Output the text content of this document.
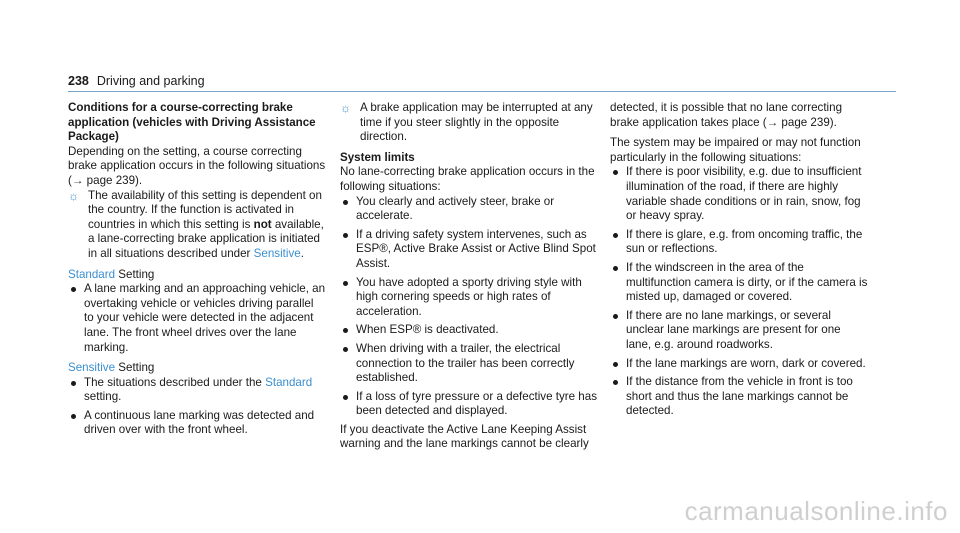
238 Driving and parking

Conditions for a course-correcting brake application (vehicles with Driving Assistance Package)

Depending on the setting, a course correcting brake application occurs in the following situations (→ page 239).

☼ The availability of this setting is dependent on the country. If the function is activated in countries in which this setting is not available, a lane-correcting brake application is initiated in all situations described under Sensitive.

Standard Setting

A lane marking and an approaching vehicle, an overtaking vehicle or vehicles driving parallel to your vehicle were detected in the adjacent lane. The front wheel drives over the lane marking.

Sensitive Setting

The situations described under the Standard setting.
A continuous lane marking was detected and driven over with the front wheel.
☼ A brake application may be interrupted at any time if you steer slightly in the opposite direction.

System limits

No lane-correcting brake application occurs in the following situations:

You clearly and actively steer, brake or accelerate.
If a driving safety system intervenes, such as ESP®, Active Brake Assist or Active Blind Spot Assist.
You have adopted a sporty driving style with high cornering speeds or high rates of acceleration.
When ESP® is deactivated.
When driving with a trailer, the electrical connection to the trailer has been correctly established.
If a loss of tyre pressure or a defective tyre has been detected and displayed.

If you deactivate the Active Lane Keeping Assist warning and the lane markings cannot be clearly

detected, it is possible that no lane correcting brake application takes place (→ page 239).

The system may be impaired or may not function particularly in the following situations:

If there is poor visibility, e.g. due to insufficient illumination of the road, if there are highly variable shade conditions or in rain, snow, fog or heavy spray.
If there is glare, e.g. from oncoming traffic, the sun or reflections.
If the windscreen in the area of the multifunction camera is dirty, or if the camera is misted up, damaged or covered.
If there are no lane markings, or several unclear lane markings are present for one lane, e.g. around roadworks.
If the lane markings are worn, dark or covered.
If the distance from the vehicle in front is too short and thus the lane markings cannot be detected.
carmanualsonline.info
